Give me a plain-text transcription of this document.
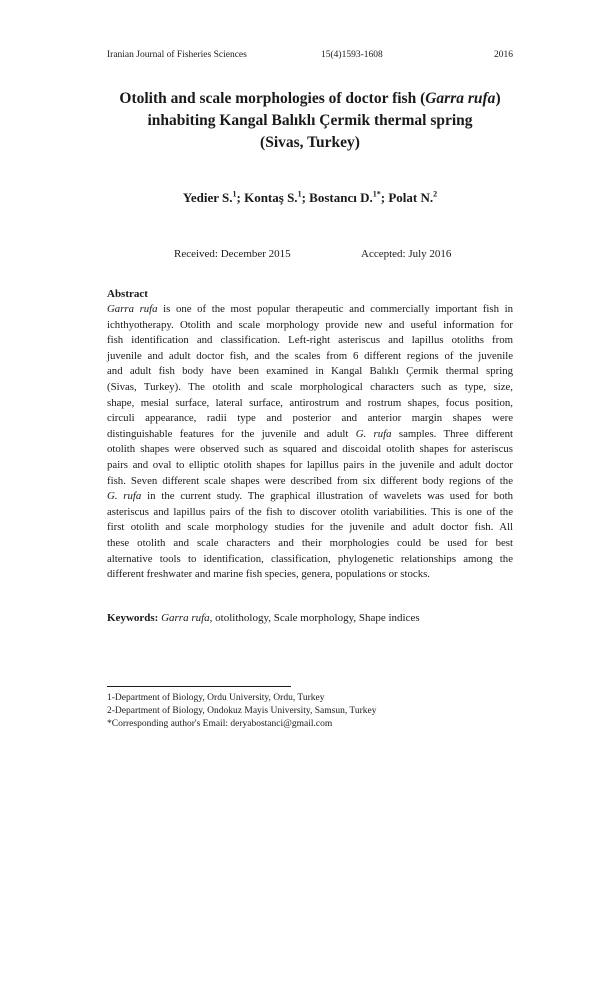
Iranian Journal of Fisheries Sciences	15(4)1593-1608	2016
Otolith and scale morphologies of doctor fish (Garra rufa)
inhabiting Kangal Balıklı Çermik thermal spring
(Sivas, Turkey)
Yedier S.$^1$; Kontaş S.$^1$; Bostancı D.$^{1*}$; Polat N.$^2$
Received: December 2015	Accepted: July 2016
Abstract
Garra rufa is one of the most popular therapeutic and commercially important fish in
ichthyotherapy. Otolith and scale morphology provide new and useful information for
fish identification and classification. Left-right asteriscus and lapillus otoliths from
juvenile and adult doctor fish, and the scales from 6 different regions of the juvenile
and adult fish body have been examined in Kangal Balıklı Çermik thermal spring
(Sivas, Turkey). The otolith and scale morphological characters such as type, size,
shape, mesial surface, lateral surface, antirostrum and rostrum shapes, focus position,
circuli appearance, radii type and posterior and anterior margin shapes were
distinguishable features for the juvenile and adult G. rufa samples. Three different
otolith shapes were observed such as squared and discoidal otolith shapes for asteriscus
pairs and oval to elliptic otolith shapes for lapillus pairs in the juvenile and adult doctor
fish. Seven different scale shapes were described from six different body regions of the
G. rufa in the current study. The graphical illustration of wavelets was used for both
asteriscus and lapillus pairs of the fish to discover otolith variabilities. This is one of the
first otolith and scale morphology studies for the juvenile and adult doctor fish. All
these otolith and scale characters and their morphologies could be used for best
alternative tools to identification, classification, phylogenetic relationships among the
different freshwater and marine fish species, genera, populations or stocks.
Keywords: Garra rufa, otolithology, Scale morphology, Shape indices
1-Department of Biology, Ordu University, Ordu, Turkey
2-Department of Biology, Ondokuz Mayis University, Samsun, Turkey
*Corresponding author's Email: deryabostanci@gmail.com
